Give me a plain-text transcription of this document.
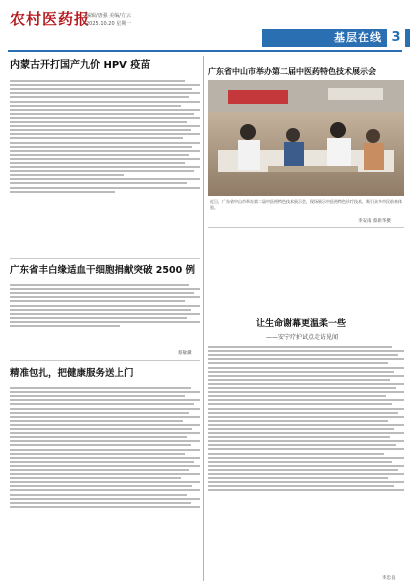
农村医药报
编辑/唐强 美编/方云
2025.10.20 星期一
基层在线 3
内蒙古开打国产九价 HPV 疫苗
广东省丰白缘适血干细胞捐献突破 2500 例
蔡敏骥
精准包扎，把健康服务送上门
广东省中山市举办第二届中医药特色技术展示会
近日，广东省中山市举办第二届中医药特色技术展示会，现场展示中医药特色诊疗技术，吸引众多市民前来体验。
李安南 蔡新华摄
让生命谢幕更温柔一些
——安宁疗护试点走访见闻
李忠良
